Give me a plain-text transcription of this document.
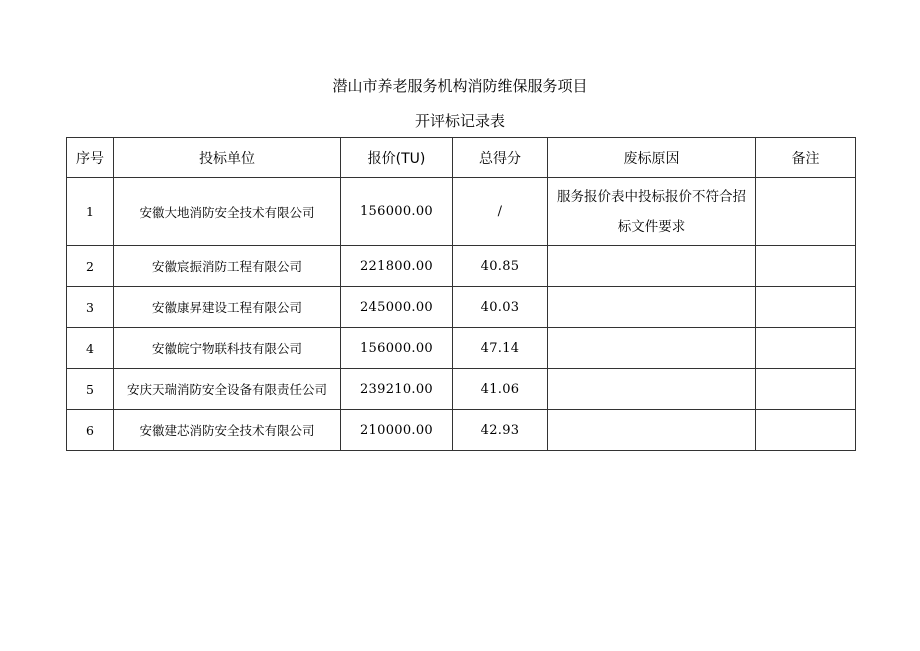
潜山市养老服务机构消防维保服务项目
开评标记录表
序号	投标单位	报价(TU)	总得分	废标原因	备注
1	安徽大地消防安全技术有限公司	156000.00	/	服务报价表中投标报价不符合招标文件要求	
2	安徽宸振消防工程有限公司	221800.00	40.85		
3	安徽康昇建设工程有限公司	245000.00	40.03		
4	安徽皖宁物联科技有限公司	156000.00	47.14		
5	安庆天瑞消防安全设备有限责任公司	239210.00	41.06		
6	安徽建芯消防安全技术有限公司	210000.00	42.93		
